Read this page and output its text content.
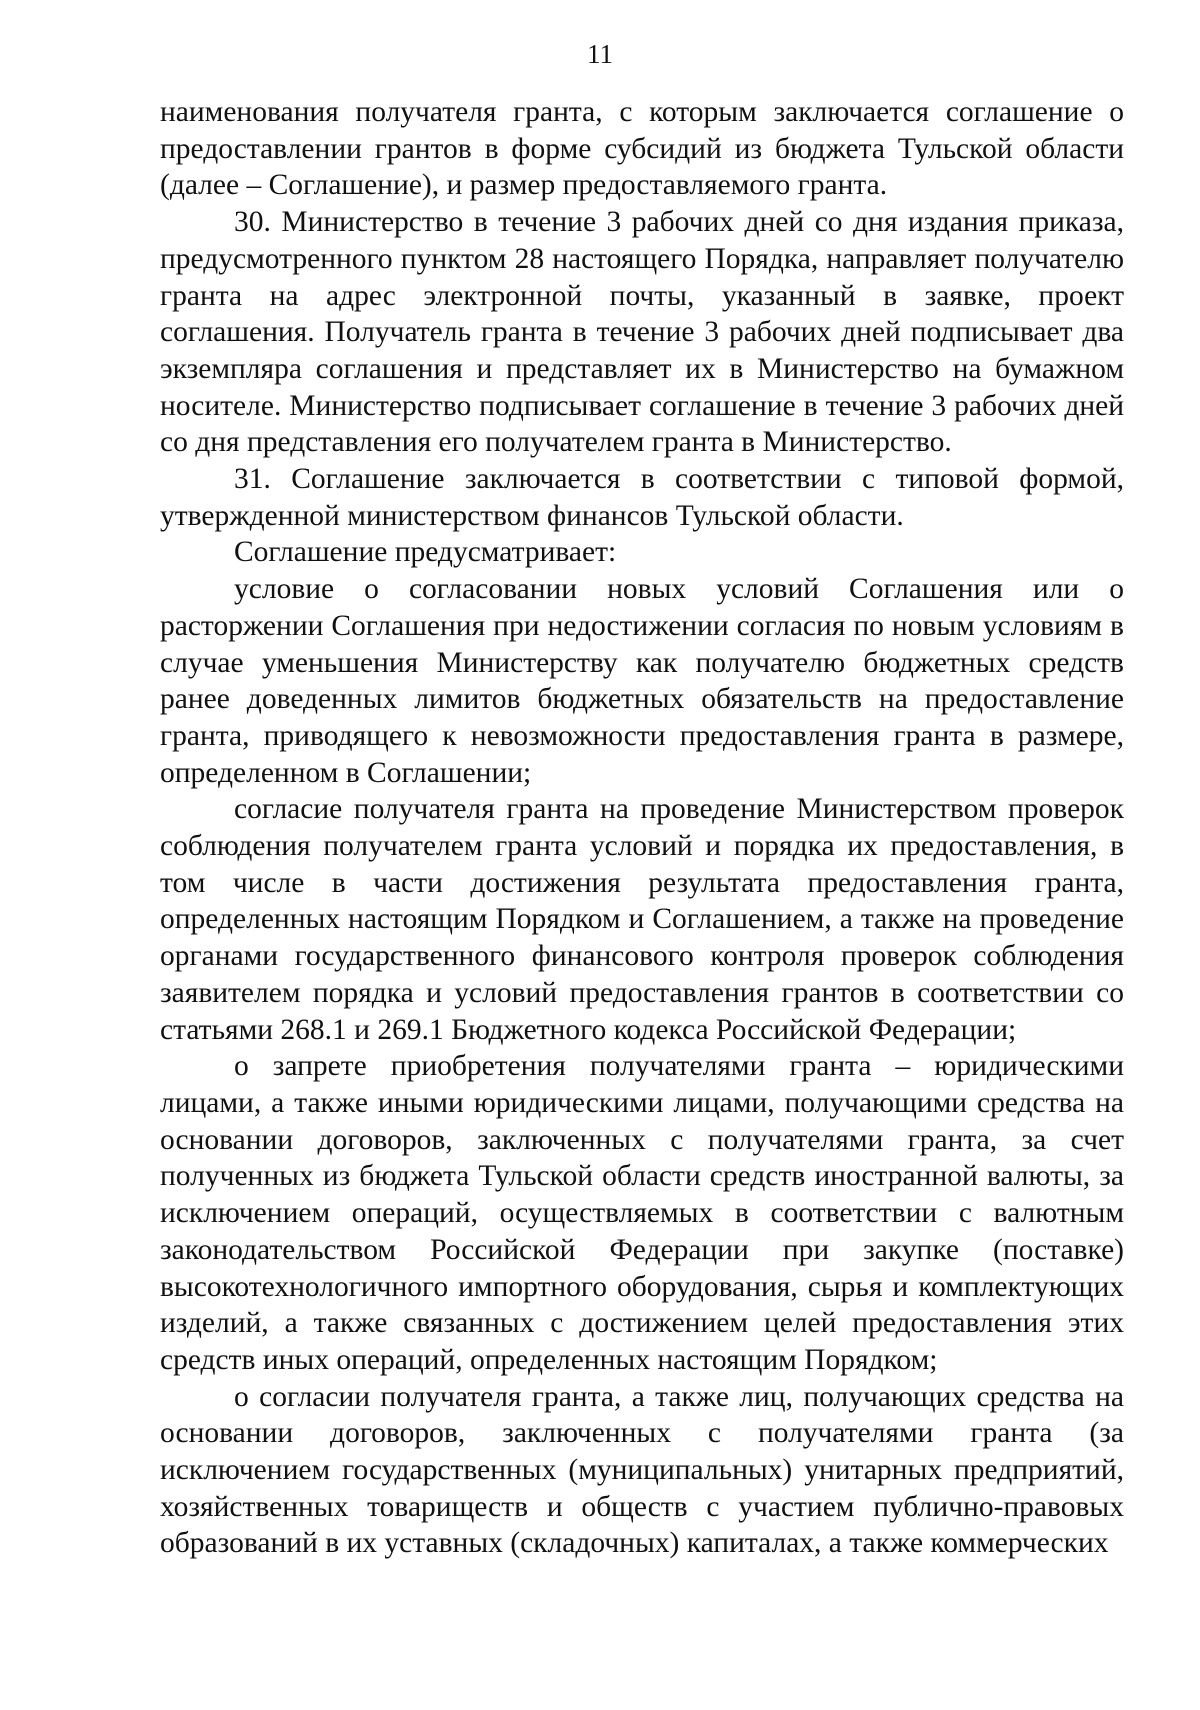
11

наименования получателя гранта, с которым заключается соглашение о предоставлении грантов в форме субсидий из бюджета Тульской области (далее – Соглашение), и размер предоставляемого гранта.

30. Министерство в течение 3 рабочих дней со дня издания приказа, предусмотренного пунктом 28 настоящего Порядка, направляет получателю гранта на адрес электронной почты, указанный в заявке, проект соглашения. Получатель гранта в течение 3 рабочих дней подписывает два экземпляра соглашения и представляет их в Министерство на бумажном носителе. Министерство подписывает соглашение в течение 3 рабочих дней со дня представления его получателем гранта в Министерство.

31. Соглашение заключается в соответствии с типовой формой, утвержденной министерством финансов Тульской области.

Соглашение предусматривает:

условие о согласовании новых условий Соглашения или о расторжении Соглашения при недостижении согласия по новым условиям в случае уменьшения Министерству как получателю бюджетных средств ранее доведенных лимитов бюджетных обязательств на предоставление гранта, приводящего к невозможности предоставления гранта в размере, определенном в Соглашении;

согласие получателя гранта на проведение Министерством проверок соблюдения получателем гранта условий и порядка их предоставления, в том числе в части достижения результата предоставления гранта, определенных настоящим Порядком и Соглашением, а также на проведение органами государственного финансового контроля проверок соблюдения заявителем порядка и условий предоставления грантов в соответствии со статьями 268.1 и 269.1 Бюджетного кодекса Российской Федерации;

о запрете приобретения получателями гранта – юридическими лицами, а также иными юридическими лицами, получающими средства на основании договоров, заключенных с получателями гранта, за счет полученных из бюджета Тульской области средств иностранной валюты, за исключением операций, осуществляемых в соответствии с валютным законодательством Российской Федерации при закупке (поставке) высокотехнологичного импортного оборудования, сырья и комплектующих изделий, а также связанных с достижением целей предоставления этих средств иных операций, определенных настоящим Порядком;

о согласии получателя гранта, а также лиц, получающих средства на основании договоров, заключенных с получателями гранта (за исключением государственных (муниципальных) унитарных предприятий, хозяйственных товариществ и обществ с участием публично-правовых образований в их уставных (складочных) капиталах, а также коммерческих
